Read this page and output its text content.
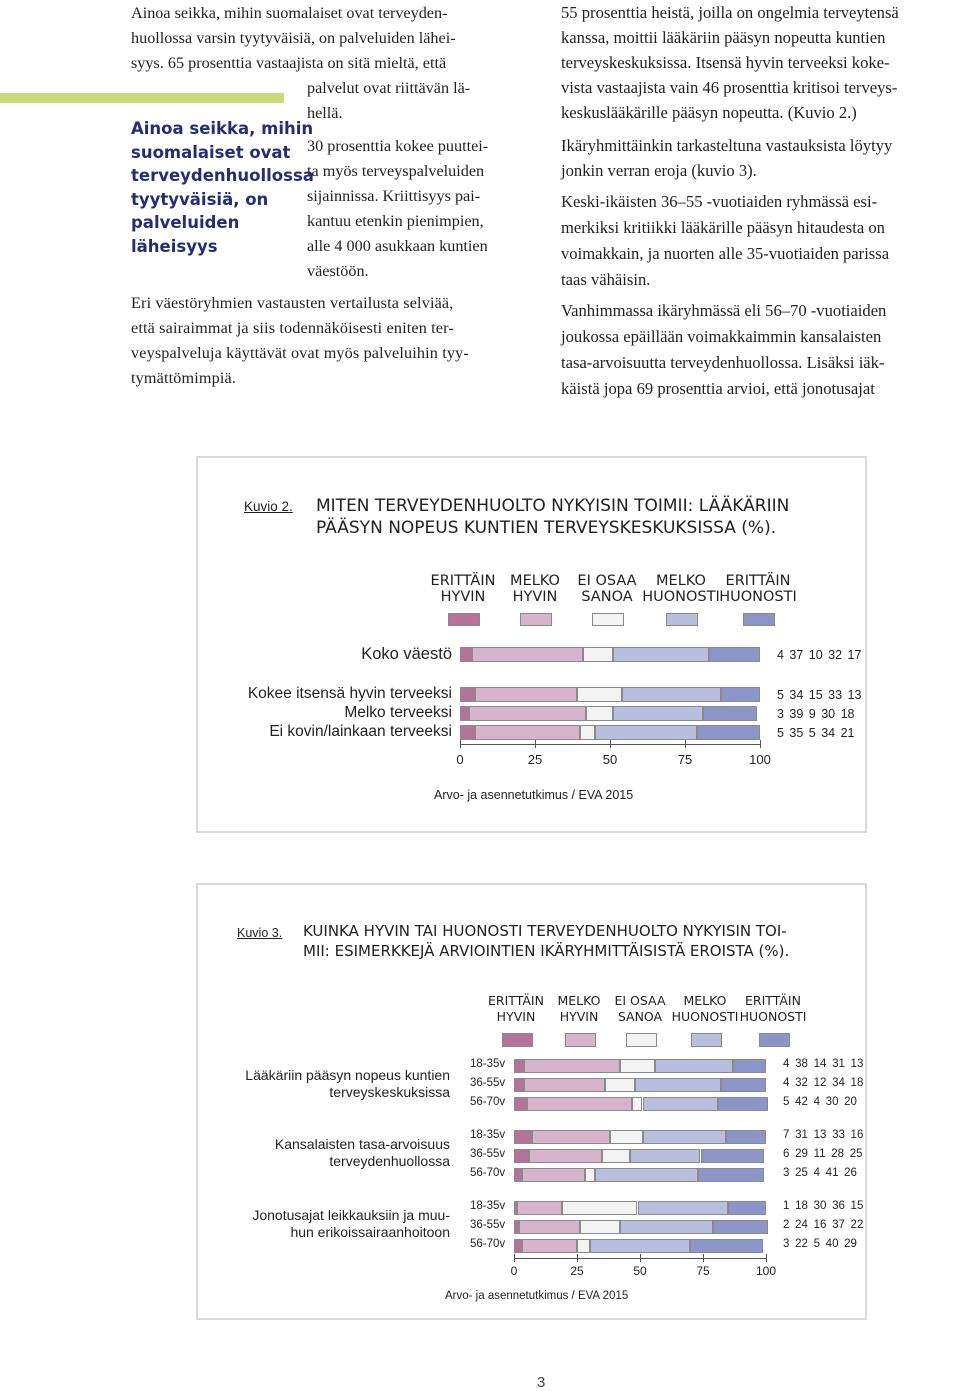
Ainoa seikka, mihin suomalaiset ovat terveyden-
huollossa varsin tyytyväisiä, on palveluiden lähei-
syys. 65 prosenttia vastaajista on sitä mieltä, että
palvelut ovat riittävän lä-
hellä.
30 prosenttia kokee puuttei-
ta myös terveyspalveluiden
sijainnissa. Kriittisyys pai-
kantuu etenkin pienimpien,
alle 4 000 asukkaan kuntien
väestöön.
Ainoa seikka, mihin
suomalaiset ovat
terveydenhuollossa
tyytyväisiä, on
palveluiden
läheisyys
Eri väestöryhmien vastausten vertailusta selviää,
että sairaimmat ja siis todennäköisesti eniten ter-
veyspalveluja käyttävät ovat myös palveluihin tyy-
tymättömimpiä.
55 prosenttia heistä, joilla on ongelmia terveytensä
kanssa, moittii lääkäriin pääsyn nopeutta kuntien
terveyskeskuksissa. Itsensä hyvin terveeksi koke-
vista vastaajista vain 46 prosenttia kritisoi terveys-
keskuslääkärille pääsyn nopeutta. (Kuvio 2.)
Ikäryhmittäinkin tarkasteltuna vastauksista löytyy
jonkin verran eroja (kuvio 3).
Keski-ikäisten 36–55 -vuotiaiden ryhmässä esi-
merkiksi kritiikki lääkärille pääsyn hitaudesta on
voimakkain, ja nuorten alle 35-vuotiaiden parissa
taas vähäisin.
Vanhimmassa ikäryhmässä eli 56–70 -vuotiaiden
joukossa epäillään voimakkaimmin kansalaisten
tasa-arvoisuutta terveydenhuollossa. Lisäksi iäk-
käistä jopa 69 prosenttia arvioi, että jonotusajat
Kuvio 2. MITEN TERVEYDENHUOLTO NYKYISIN TOIMII: LÄÄKÄRIIN
PÄÄSYN NOPEUS KUNTIEN TERVEYSKESKUKSISSA (%).
ERITTÄIN
HYVIN
MELKO
HYVIN
EI OSAA
SANOA
MELKO
HUONOSTI
ERITTÄIN
HUONOSTI
Koko väestö	4 37 10 32 17
Kokee itsensä hyvin terveeksi	5 34 15 33 13
Melko terveeksi	3 39 9 30 18
Ei kovin/lainkaan terveeksi	5 35 5 34 21
0	25	50	75	100
Arvo- ja asennetutkimus / EVA 2015
Kuvio 3. KUINKA HYVIN TAI HUONOSTI TERVEYDENHUOLTO NYKYISIN TOI-
MII: ESIMERKKEJÄ ARVIOINTIEN IKÄRYHMITTÄISISTÄ EROISTA (%).
ERITTÄIN
HYVIN
MELKO
HYVIN
EI OSAA
SANOA
MELKO
HUONOSTI
ERITTÄIN
HUONOSTI
Lääkäriin pääsyn nopeus kuntien
terveyskeskuksissa
18-35v	4 38 14 31 13
36-55v	4 32 12 34 18
56-70v	5 42 4 30 20
Kansalaisten tasa-arvoisuus
terveydenhuollossa
18-35v	7 31 13 33 16
36-55v	6 29 11 28 25
56-70v	3 25 4 41 26
Jonotusajat leikkauksiin ja muu-
hun erikoissairaanhoitoon
18-35v	1 18 30 36 15
36-55v	2 24 16 37 22
56-70v	3 22 5 40 29
0	25	50	75	100
Arvo- ja asennetutkimus / EVA 2015
3
